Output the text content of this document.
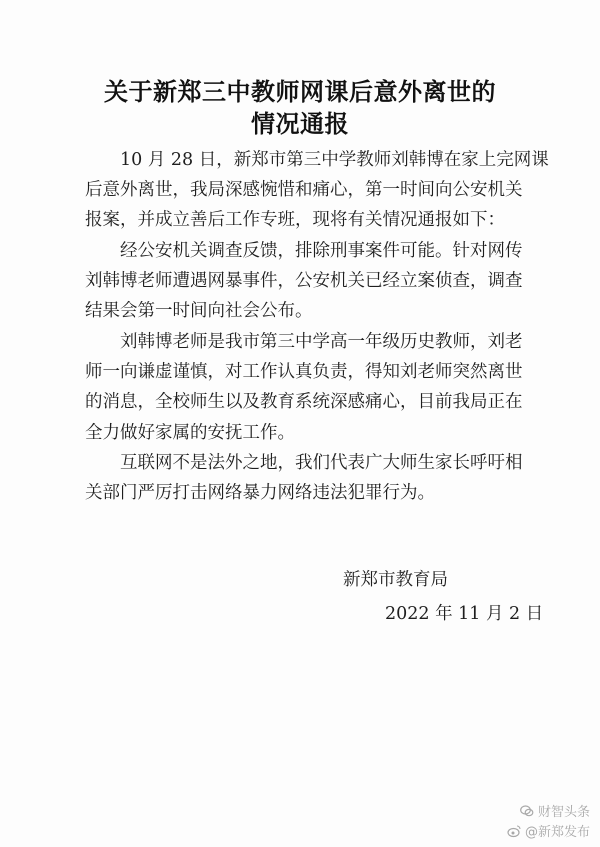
关于新郑三中教师网课后意外离世的
情况通报
10 月 28 日，新郑市第三中学教师刘韩博在家上完网课
后意外离世，我局深感惋惜和痛心，第一时间向公安机关
报案，并成立善后工作专班，现将有关情况通报如下：
经公安机关调查反馈，排除刑事案件可能。针对网传
刘韩博老师遭遇网暴事件，公安机关已经立案侦查，调查
结果会第一时间向社会公布。
刘韩博老师是我市第三中学高一年级历史教师，刘老
师一向谦虚谨慎，对工作认真负责，得知刘老师突然离世
的消息，全校师生以及教育系统深感痛心，目前我局正在
全力做好家属的安抚工作。
互联网不是法外之地，我们代表广大师生家长呼吁相
关部门严厉打击网络暴力网络违法犯罪行为。
新郑市教育局
2022 年 11 月 2 日
财智头条
@新郑发布
